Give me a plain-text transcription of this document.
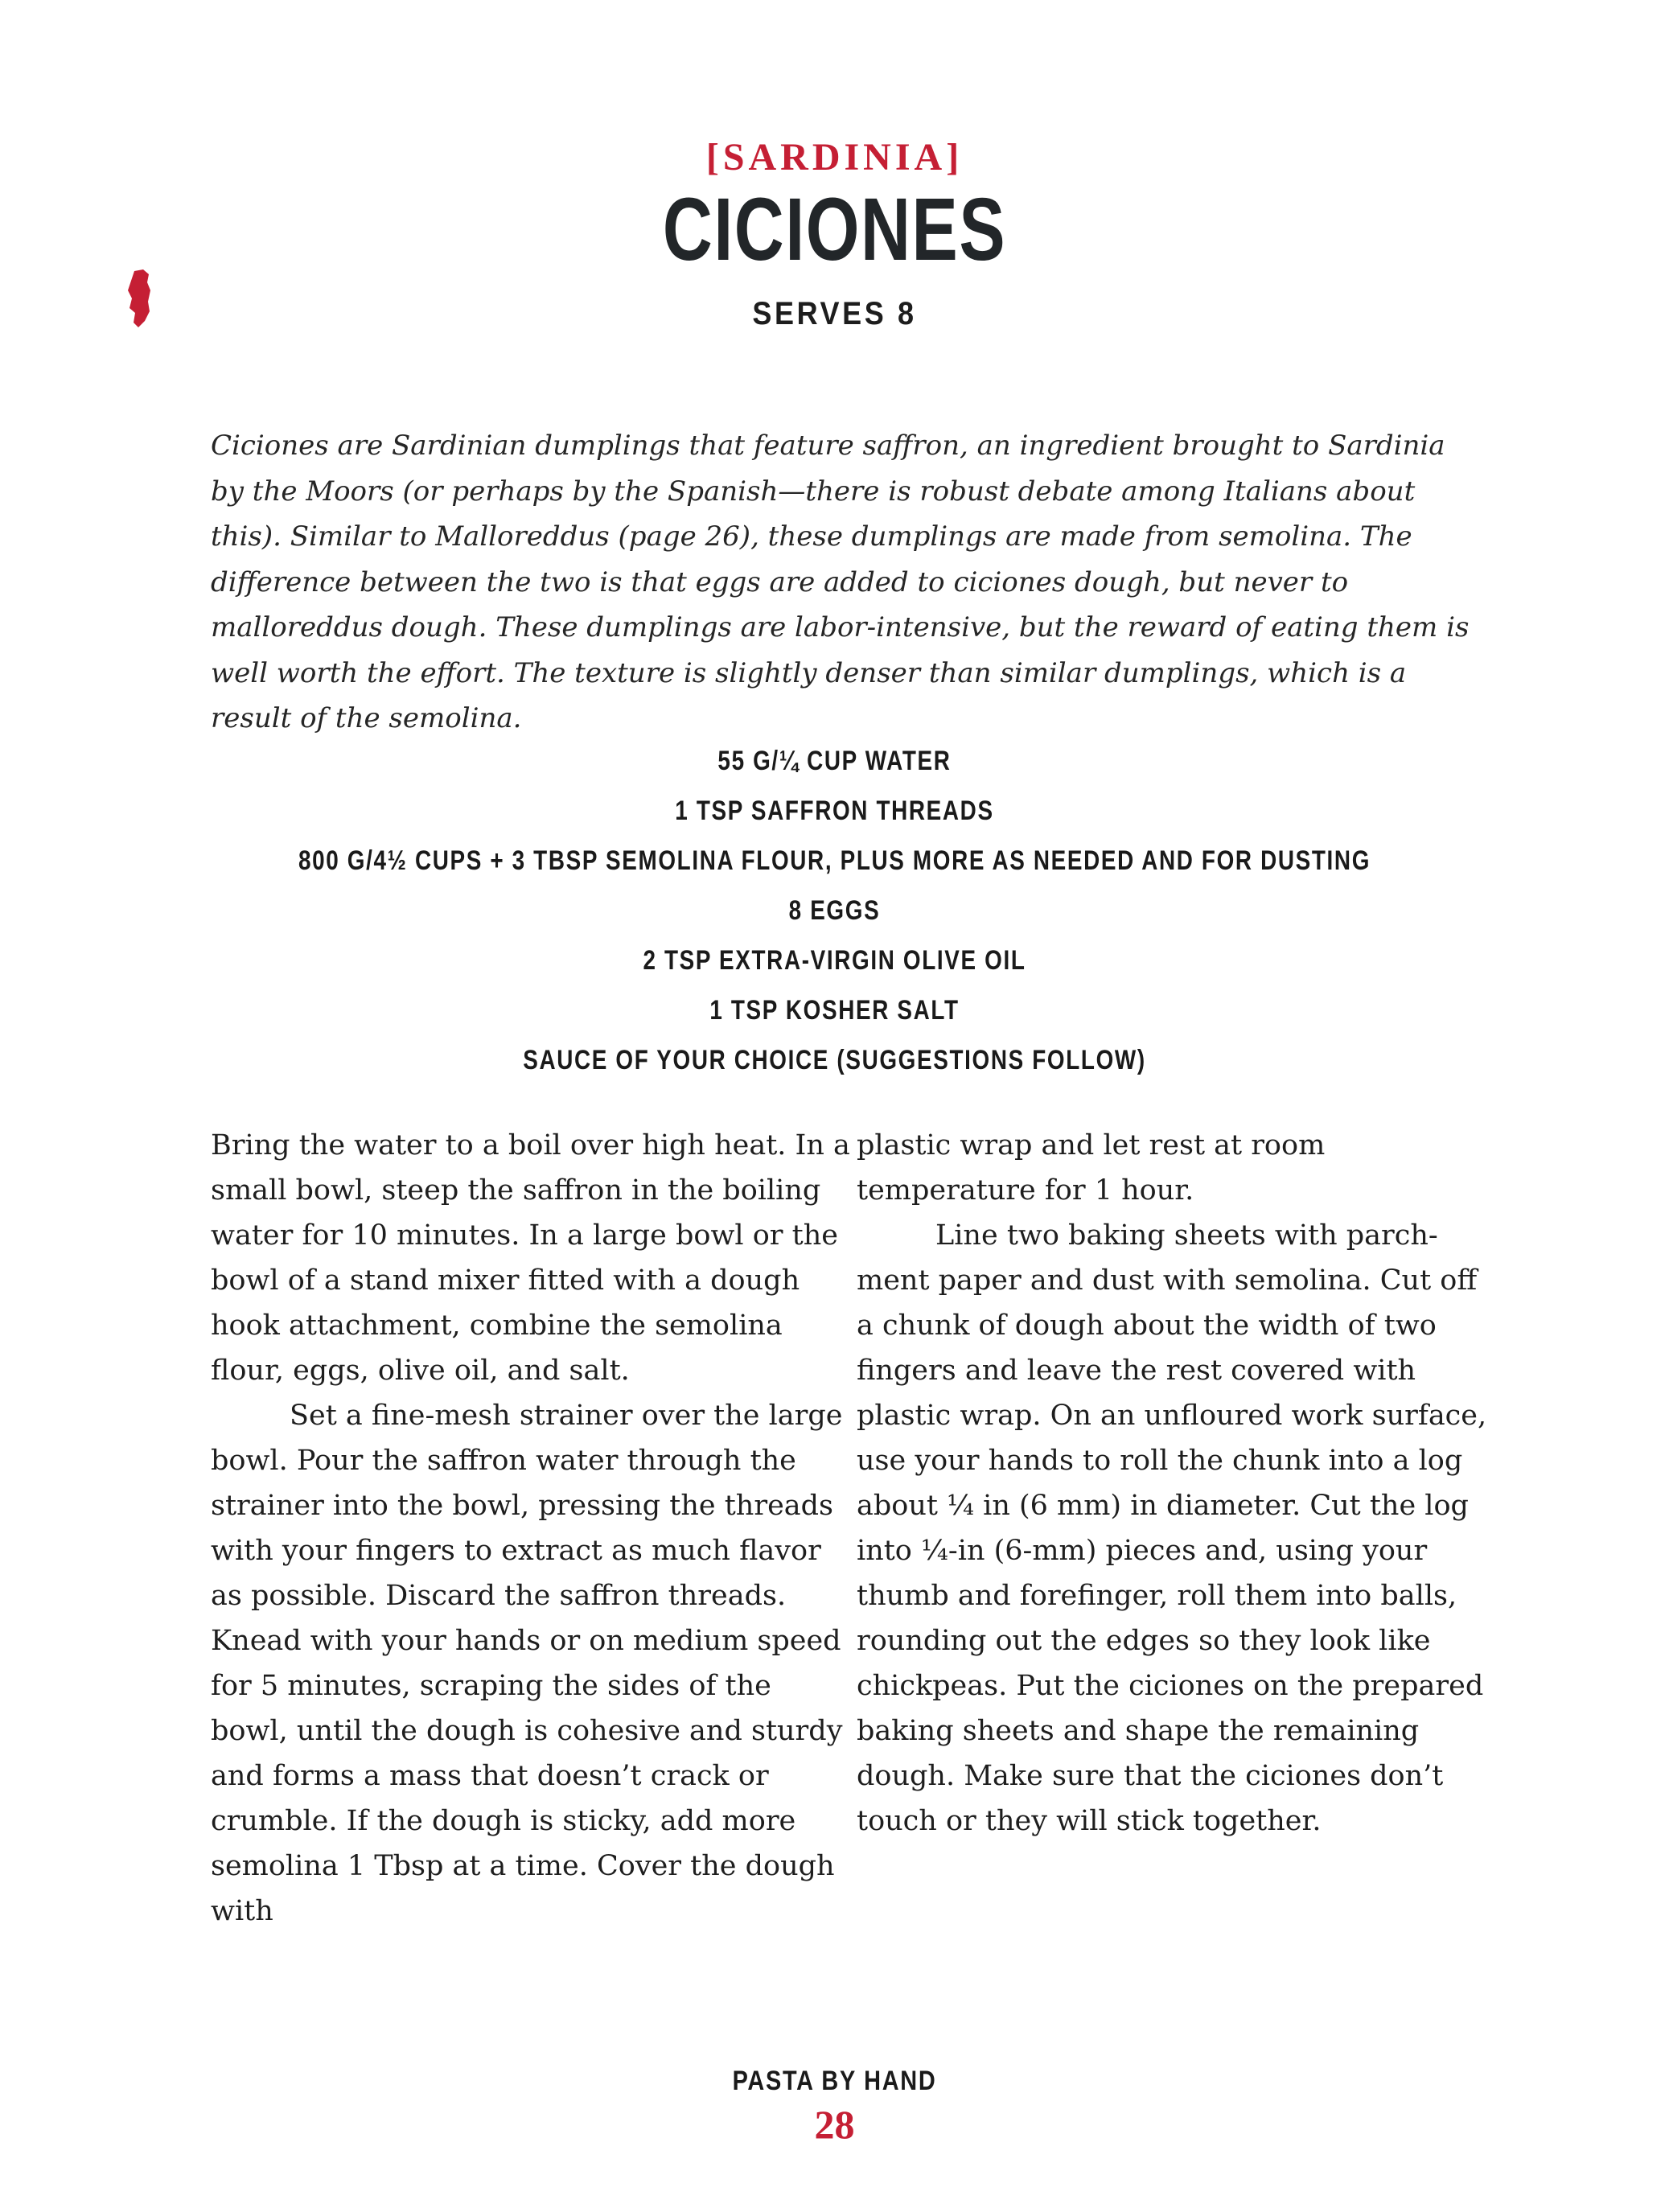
[SARDINIA]
CICIONES
SERVES 8

Ciciones are Sardinian dumplings that feature saffron, an ingredient brought to Sardinia by the Moors (or perhaps by the Spanish—there is robust debate among Italians about this). Similar to Malloreddus (page 26), these dumplings are made from semolina. The difference between the two is that eggs are added to ciciones dough, but never to malloreddus dough. These dumplings are labor-intensive, but the reward of eating them is well worth the effort. The texture is slightly denser than similar dumplings, which is a result of the semolina.

55 G/¼ CUP WATER
1 TSP SAFFRON THREADS
800 G/4½ CUPS + 3 TBSP SEMOLINA FLOUR, PLUS MORE AS NEEDED AND FOR DUSTING
8 EGGS
2 TSP EXTRA-VIRGIN OLIVE OIL
1 TSP KOSHER SALT
SAUCE OF YOUR CHOICE (SUGGESTIONS FOLLOW)

Bring the water to a boil over high heat. In a small bowl, steep the saffron in the boiling water for 10 minutes. In a large bowl or the bowl of a stand mixer fitted with a dough hook attachment, combine the semolina flour, eggs, olive oil, and salt.

Set a fine-mesh strainer over the large bowl. Pour the saffron water through the strainer into the bowl, pressing the threads with your fingers to extract as much flavor as possible. Discard the saffron threads. Knead with your hands or on medium speed for 5 minutes, scraping the sides of the bowl, until the dough is cohesive and sturdy and forms a mass that doesn’t crack or crumble. If the dough is sticky, add more semolina 1 Tbsp at a time. Cover the dough with

plastic wrap and let rest at room temperature for 1 hour.

Line two baking sheets with parch-ment paper and dust with semolina. Cut off a chunk of dough about the width of two fingers and leave the rest covered with plastic wrap. On an unfloured work surface, use your hands to roll the chunk into a log about ¼ in (6 mm) in diameter. Cut the log into ¼-in (6-mm) pieces and, using your thumb and forefinger, roll them into balls, rounding out the edges so they look like chickpeas. Put the ciciones on the prepared baking sheets and shape the remaining dough. Make sure that the ciciones don’t touch or they will stick together.

PASTA BY HAND
28
